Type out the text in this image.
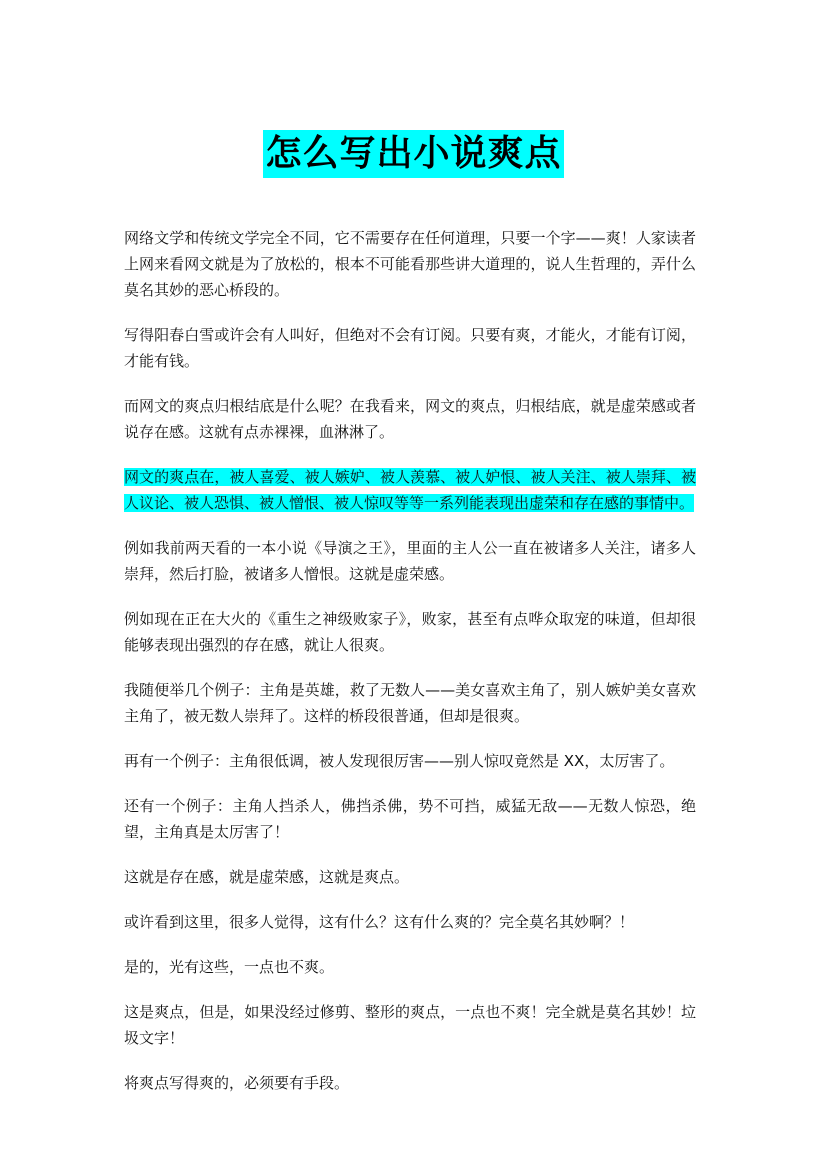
怎么写出小说爽点

网络文学和传统文学完全不同，它不需要存在任何道理，只要一个字——爽！人家读者上网来看网文就是为了放松的，根本不可能看那些讲大道理的，说人生哲理的，弄什么莫名其妙的恶心桥段的。

写得阳春白雪或许会有人叫好，但绝对不会有订阅。只要有爽，才能火，才能有订阅，才能有钱。

而网文的爽点归根结底是什么呢？在我看来，网文的爽点，归根结底，就是虚荣感或者说存在感。这就有点赤裸裸，血淋淋了。

网文的爽点在，被人喜爱、被人嫉妒、被人羡慕、被人妒恨、被人关注、被人崇拜、被人议论、被人恐惧、被人憎恨、被人惊叹等等一系列能表现出虚荣和存在感的事情中。

例如我前两天看的一本小说《导演之王》，里面的主人公一直在被诸多人关注，诸多人崇拜，然后打脸，被诸多人憎恨。这就是虚荣感。

例如现在正在大火的《重生之神级败家子》，败家，甚至有点哗众取宠的味道，但却很能够表现出强烈的存在感，就让人很爽。

我随便举几个例子：主角是英雄，救了无数人——美女喜欢主角了，别人嫉妒美女喜欢主角了，被无数人崇拜了。这样的桥段很普通，但却是很爽。

再有一个例子：主角很低调，被人发现很厉害——别人惊叹竟然是 XX，太厉害了。

还有一个例子：主角人挡杀人，佛挡杀佛，势不可挡，威猛无敌——无数人惊恐，绝望，主角真是太厉害了！

这就是存在感，就是虚荣感，这就是爽点。

或许看到这里，很多人觉得，这有什么？这有什么爽的？完全莫名其妙啊？！

是的，光有这些，一点也不爽。

这是爽点，但是，如果没经过修剪、整形的爽点，一点也不爽！完全就是莫名其妙！垃圾文字！

将爽点写得爽的，必须要有手段。
